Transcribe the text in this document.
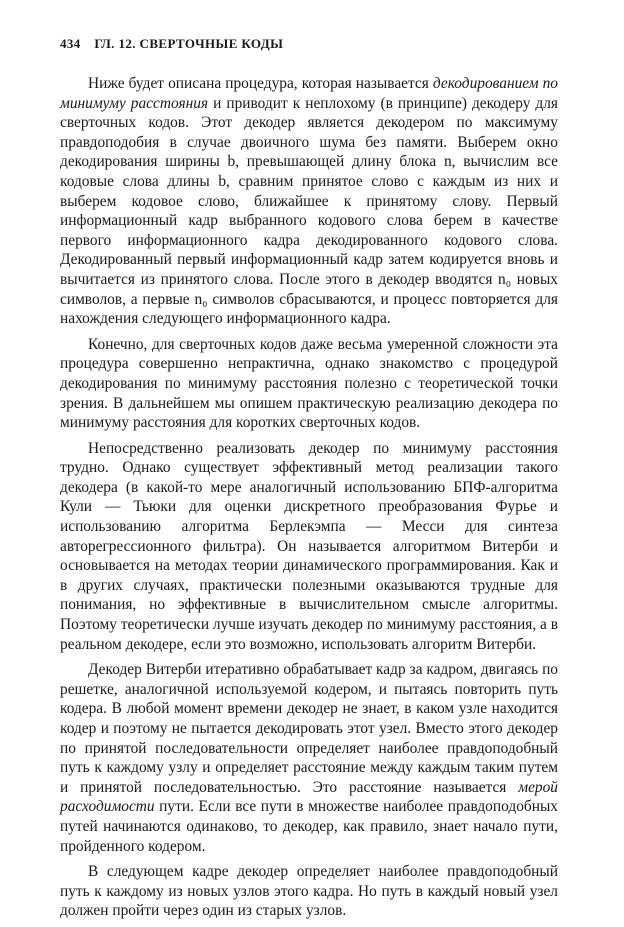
434 ГЛ. 12. СВЕРТОЧНЫЕ КОДЫ

Ниже будет описана процедура, которая называется декодированием по минимуму расстояния и приводит к неплохому (в принципе) декодеру для сверточных кодов. Этот декодер является декодером по максимуму правдоподобия в случае двоичного шума без памяти. Выберем окно декодирования ширины b, превышающей длину блока n, вычислим все кодовые слова длины b, сравним принятое слово с каждым из них и выберем кодовое слово, ближайшее к принятому слову. Первый информационный кадр выбранного кодового слова берем в качестве первого информационного кадра декодированного кодового слова. Декодированный первый информационный кадр затем кодируется вновь и вычитается из принятого слова. После этого в декодер вводятся n₀ новых символов, а первые n₀ символов сбрасываются, и процесс повторяется для нахождения следующего информационного кадра.

Конечно, для сверточных кодов даже весьма умеренной сложности эта процедура совершенно непрактична, однако знакомство с процедурой декодирования по минимуму расстояния полезно с теоретической точки зрения. В дальнейшем мы опишем практическую реализацию декодера по минимуму расстояния для коротких сверточных кодов.

Непосредственно реализовать декодер по минимуму расстояния трудно. Однако существует эффективный метод реализации такого декодера (в какой-то мере аналогичный использованию БПФ-алгоритма Кули — Тьюки для оценки дискретного преобразования Фурье и использованию алгоритма Берлекэмпа — Месси для синтеза авторегрессионного фильтра). Он называется алгоритмом Витерби и основывается на методах теории динамического программирования. Как и в других случаях, практически полезными оказываются трудные для понимания, но эффективные в вычислительном смысле алгоритмы. Поэтому теоретически лучше изучать декодер по минимуму расстояния, а в реальном декодере, если это возможно, использовать алгоритм Витерби.

Декодер Витерби итеративно обрабатывает кадр за кадром, двигаясь по решетке, аналогичной используемой кодером, и пытаясь повторить путь кодера. В любой момент времени декодер не знает, в каком узле находится кодер и поэтому не пытается декодировать этот узел. Вместо этого декодер по принятой последовательности определяет наиболее правдоподобный путь к каждому узлу и определяет расстояние между каждым таким путем и принятой последовательностью. Это расстояние называется мерой расходимости пути. Если все пути в множестве наиболее правдоподобных путей начинаются одинаково, то декодер, как правило, знает начало пути, пройденного кодером.

В следующем кадре декодер определяет наиболее правдоподобный путь к каждому из новых узлов этого кадра. Но путь в каждый новый узел должен пройти через один из старых узлов.
